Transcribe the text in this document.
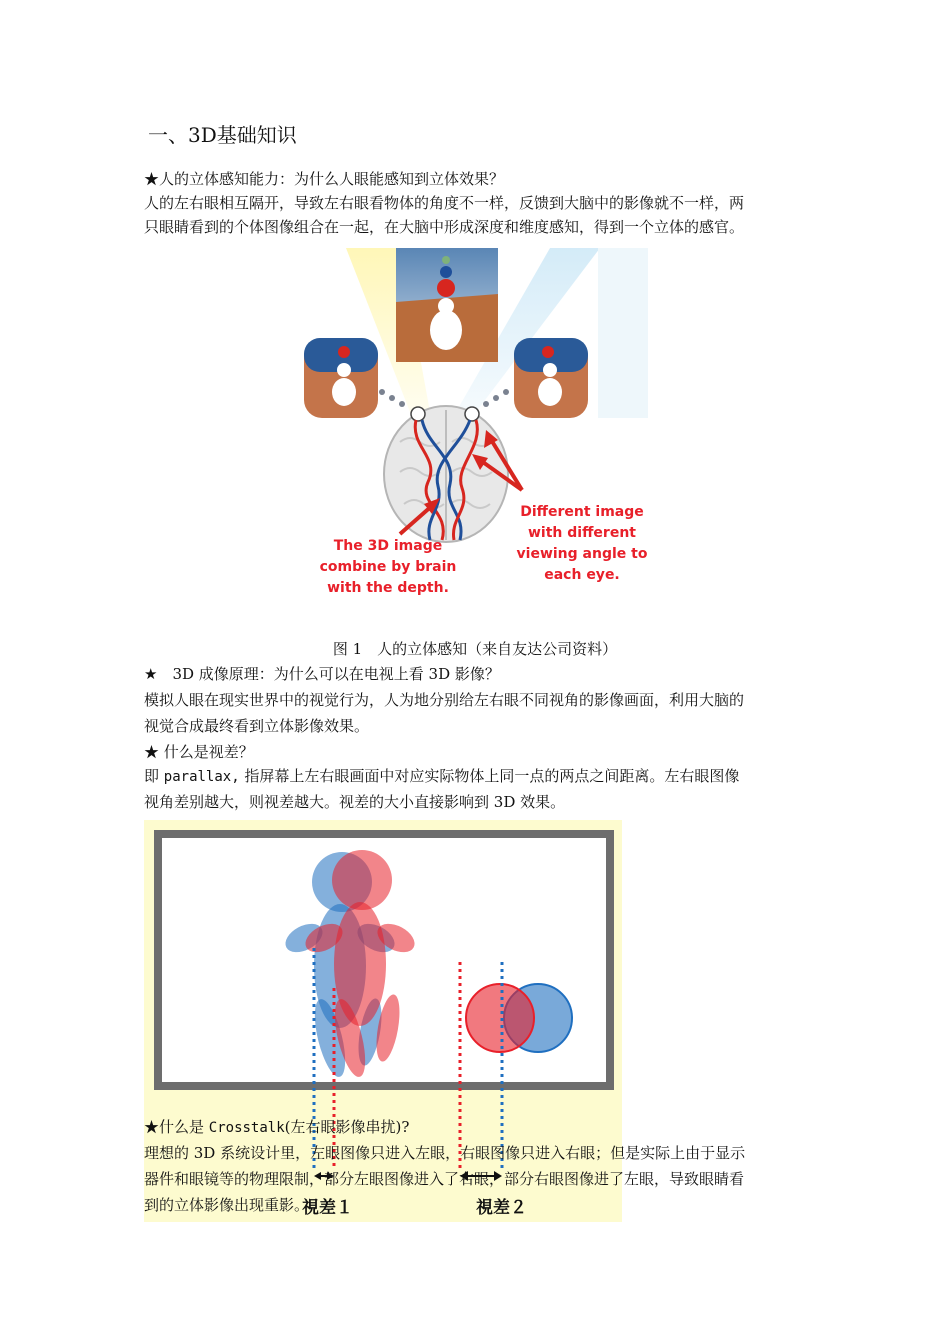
一、3D基础知识
★人的立体感知能力：为什么人眼能感知到立体效果？
人的左右眼相互隔开，导致左右眼看物体的角度不一样，反馈到大脑中的影像就不一样，两
只眼睛看到的个体图像组合在一起，在大脑中形成深度和维度感知，得到一个立体的感官。
The 3D image
combine by brain
with the depth.
Different image
with different
viewing angle to
each eye.
图 1　人的立体感知（来自友达公司资料）
★　3D 成像原理：为什么可以在电视上看 3D 影像？
模拟人眼在现实世界中的视觉行为，人为地分别给左右眼不同视角的影像画面，利用大脑的
视觉合成最终看到立体影像效果。
★ 什么是视差？
即 parallax, 指屏幕上左右眼画面中对应实际物体上同一点的两点之间距离。左右眼图像
视角差别越大，则视差越大。视差的大小直接影响到 3D 效果。
★什么是 Crosstalk(左右眼影像串扰)?
理想的 3D 系统设计里，左眼图像只进入左眼，右眼图像只进入右眼；但是实际上由于显示
器件和眼镜等的物理限制，部分左眼图像进入了右眼，部分右眼图像进了左眼，导致眼睛看
到的立体影像出现重影。
視差１	視差２
